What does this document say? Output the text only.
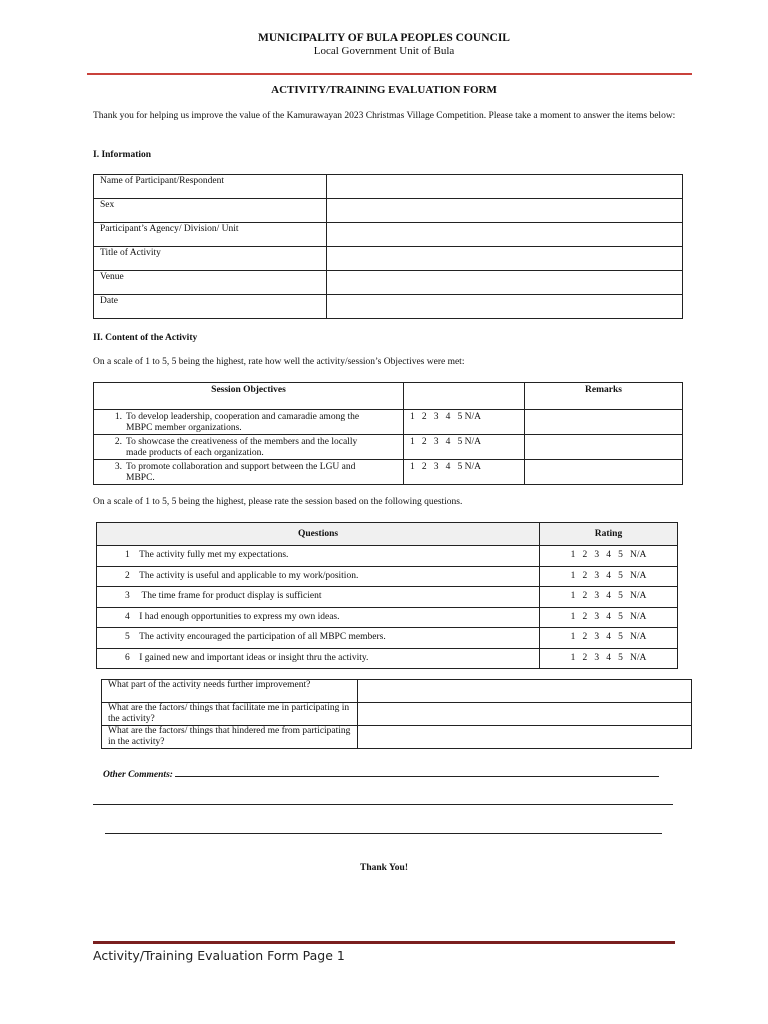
MUNICIPALITY OF BULA PEOPLES COUNCIL
Local Government Unit of Bula
ACTIVITY/TRAINING EVALUATION FORM
Thank you for helping us improve the value of the Kamurawayan 2023 Christmas Village Competition. Please take a moment to answer the items below:
I. Information
Name of Participant/Respondent	
Sex	
Participant’s Agency/ Division/ Unit	
Title of Activity	
Venue	
Date	
II. Content of the Activity
On a scale of 1 to 5, 5 being the highest, rate how well the activity/session’s Objectives were met:
Session Objectives		Remarks
1. To develop leadership, cooperation and camaradie among the MBPC member organizations.	1   2   3   4   5 N/A	
2. To showcase the creativeness of the members and the locally made products of each organization.	1   2   3   4   5 N/A	
3. To promote collaboration and support between the LGU and MBPC.	1   2   3   4   5 N/A	
On a scale of 1 to 5, 5 being the highest, please rate the session based on the following questions.
Questions	Rating
1    The activity fully met my expectations.	1   2   3   4   5   N/A
2    The activity is useful and applicable to my work/position.	1   2   3   4   5   N/A
3     The time frame for product display is sufficient	1   2   3   4   5   N/A
4    I had enough opportunities to express my own ideas.	1   2   3   4   5   N/A
5    The activity encouraged the participation of all MBPC members.	1   2   3   4   5   N/A
6    I gained new and important ideas or insight thru the activity.	1   2   3   4   5   N/A
What part of the activity needs further improvement?	
What are the factors/ things that facilitate me in participating in the activity?	
What are the factors/ things that hindered me from participating in the activity?	
Other Comments:
Thank You!
Activity/Training Evaluation Form Page 1
